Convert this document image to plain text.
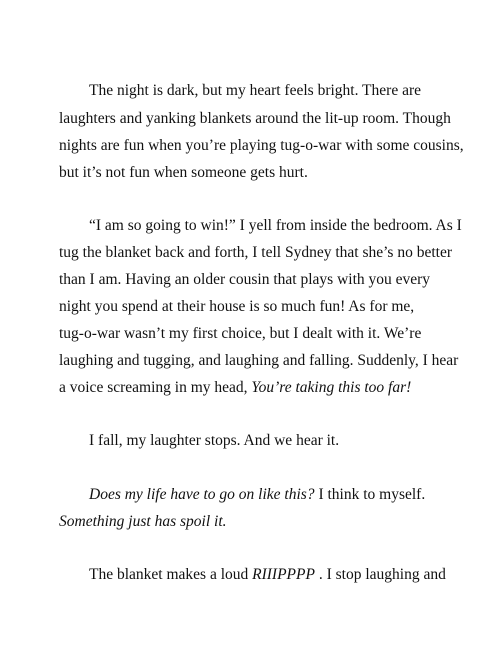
The night is dark, but my heart feels bright. There are

laughters and yanking blankets around the lit-up room. Though

nights are fun when you’re playing tug-o-war with some cousins,

but it’s not fun when someone gets hurt.

“I am so going to win!” I yell from inside the bedroom. As I

tug the blanket back and forth, I tell Sydney that she’s no better

than I am. Having an older cousin that plays with you every

night you spend at their house is so much fun! As for me,

tug-o-war wasn’t my first choice, but I dealt with it. We’re

laughing and tugging, and laughing and falling. Suddenly, I hear

a voice screaming in my head, You’re taking this too far!

I fall, my laughter stops. And we hear it.

Does my life have to go on like this? I think to myself.

Something just has spoil it.

The blanket makes a loud RIIIPPPP . I stop laughing and
